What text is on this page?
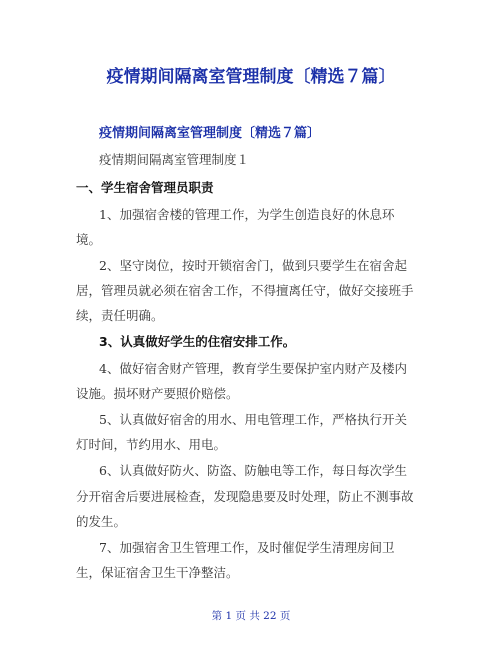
疫情期间隔离室管理制度〔精选７篇〕
疫情期间隔离室管理制度〔精选７篇〕
疫情期间隔离室管理制度１
一、学生宿舍管理员职责
1、加强宿舍楼的管理工作，为学生创造良好的休息环
境。
2、坚守岗位，按时开锁宿舍门，做到只要学生在宿舍起
居，管理员就必须在宿舍工作，不得擅离任守，做好交接班手
续，责任明确。
3、认真做好学生的住宿安排工作。
4、做好宿舍财产管理，教育学生要保护室内财产及楼内
设施。损坏财产要照价赔偿。
5、认真做好宿舍的用水、用电管理工作，严格执行开关
灯时间，节约用水、用电。
6、认真做好防火、防盗、防触电等工作，每日每次学生
分开宿舍后要进展检查，发现隐患要及时处理，防止不测事故
的发生。
7、加强宿舍卫生管理工作，及时催促学生清理房间卫
生，保证宿舍卫生干净整洁。
第 1 页 共 22 页
